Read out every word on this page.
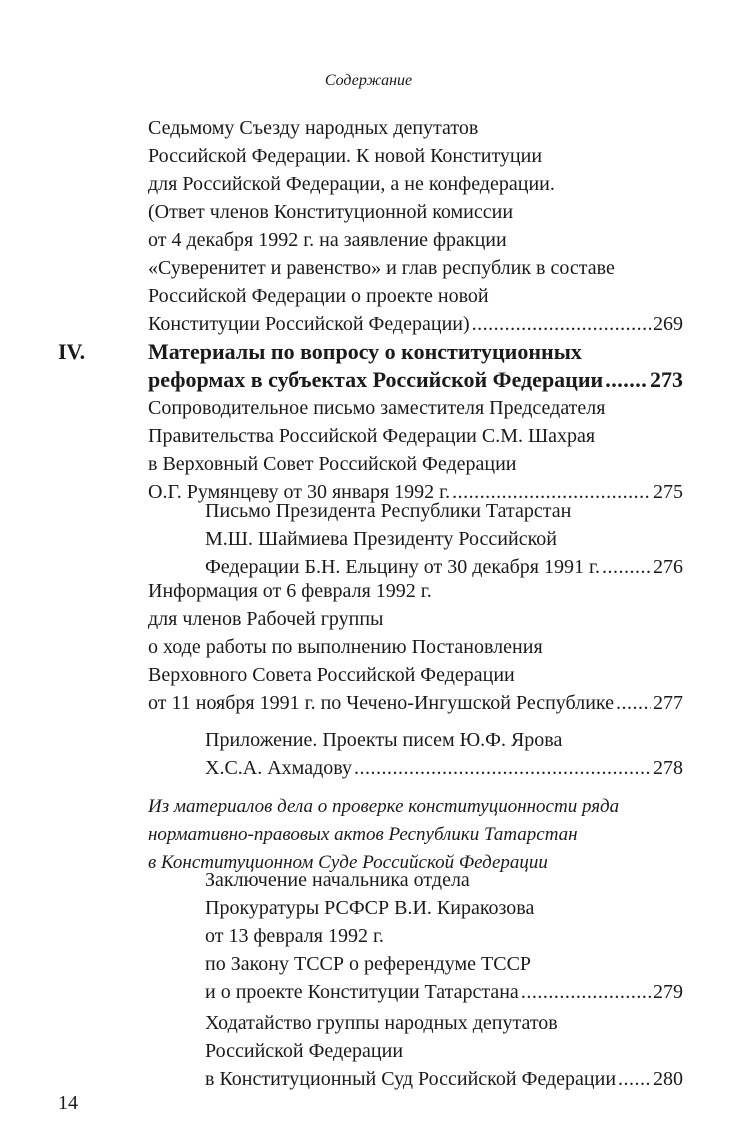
Содержание
Седьмому Съезду народных депутатов
Российской Федерации. К новой Конституции
для Российской Федерации, а не конфедерации.
(Ответ членов Конституционной комиссии
от 4 декабря 1992 г. на заявление фракции
«Суверенитет и равенство» и глав республик в составе
Российской Федерации о проекте новой
Конституции Российской Федерации) .....	269
IV.	Материалы по вопросу о конституционных
реформах в субъектах Российской Федерации ..... 273
Сопроводительное письмо заместителя Председателя
Правительства Российской Федерации С.М. Шахрая
в Верховный Совет Российской Федерации
О.Г. Румянцеву от 30 января 1992 г. .....	275
Письмо Президента Республики Татарстан
М.Ш. Шаймиева Президенту Российской
Федерации Б.Н. Ельцину от 30 декабря 1991 г. .....	276
Информация от 6 февраля 1992 г.
для членов Рабочей группы
о ходе работы по выполнению Постановления
Верховного Совета Российской Федерации
от 11 ноября 1991 г. по Чечено-Ингушской Республике ..... 277
Приложение. Проекты писем Ю.Ф. Ярова
Х.С.А. Ахмадову .....	278
Из материалов дела о проверке конституционности ряда
нормативно-правовых актов Республики Татарстан
в Конституционном Суде Российской Федерации
Заключение начальника отдела
Прокуратуры РСФСР В.И. Киракозова
от 13 февраля 1992 г.
по Закону ТССР о референдуме ТССР
и о проекте Конституции Татарстана .....	279
Ходатайство группы народных депутатов
Российской Федерации
в Конституционный Суд Российской Федерации ..... 280
14
